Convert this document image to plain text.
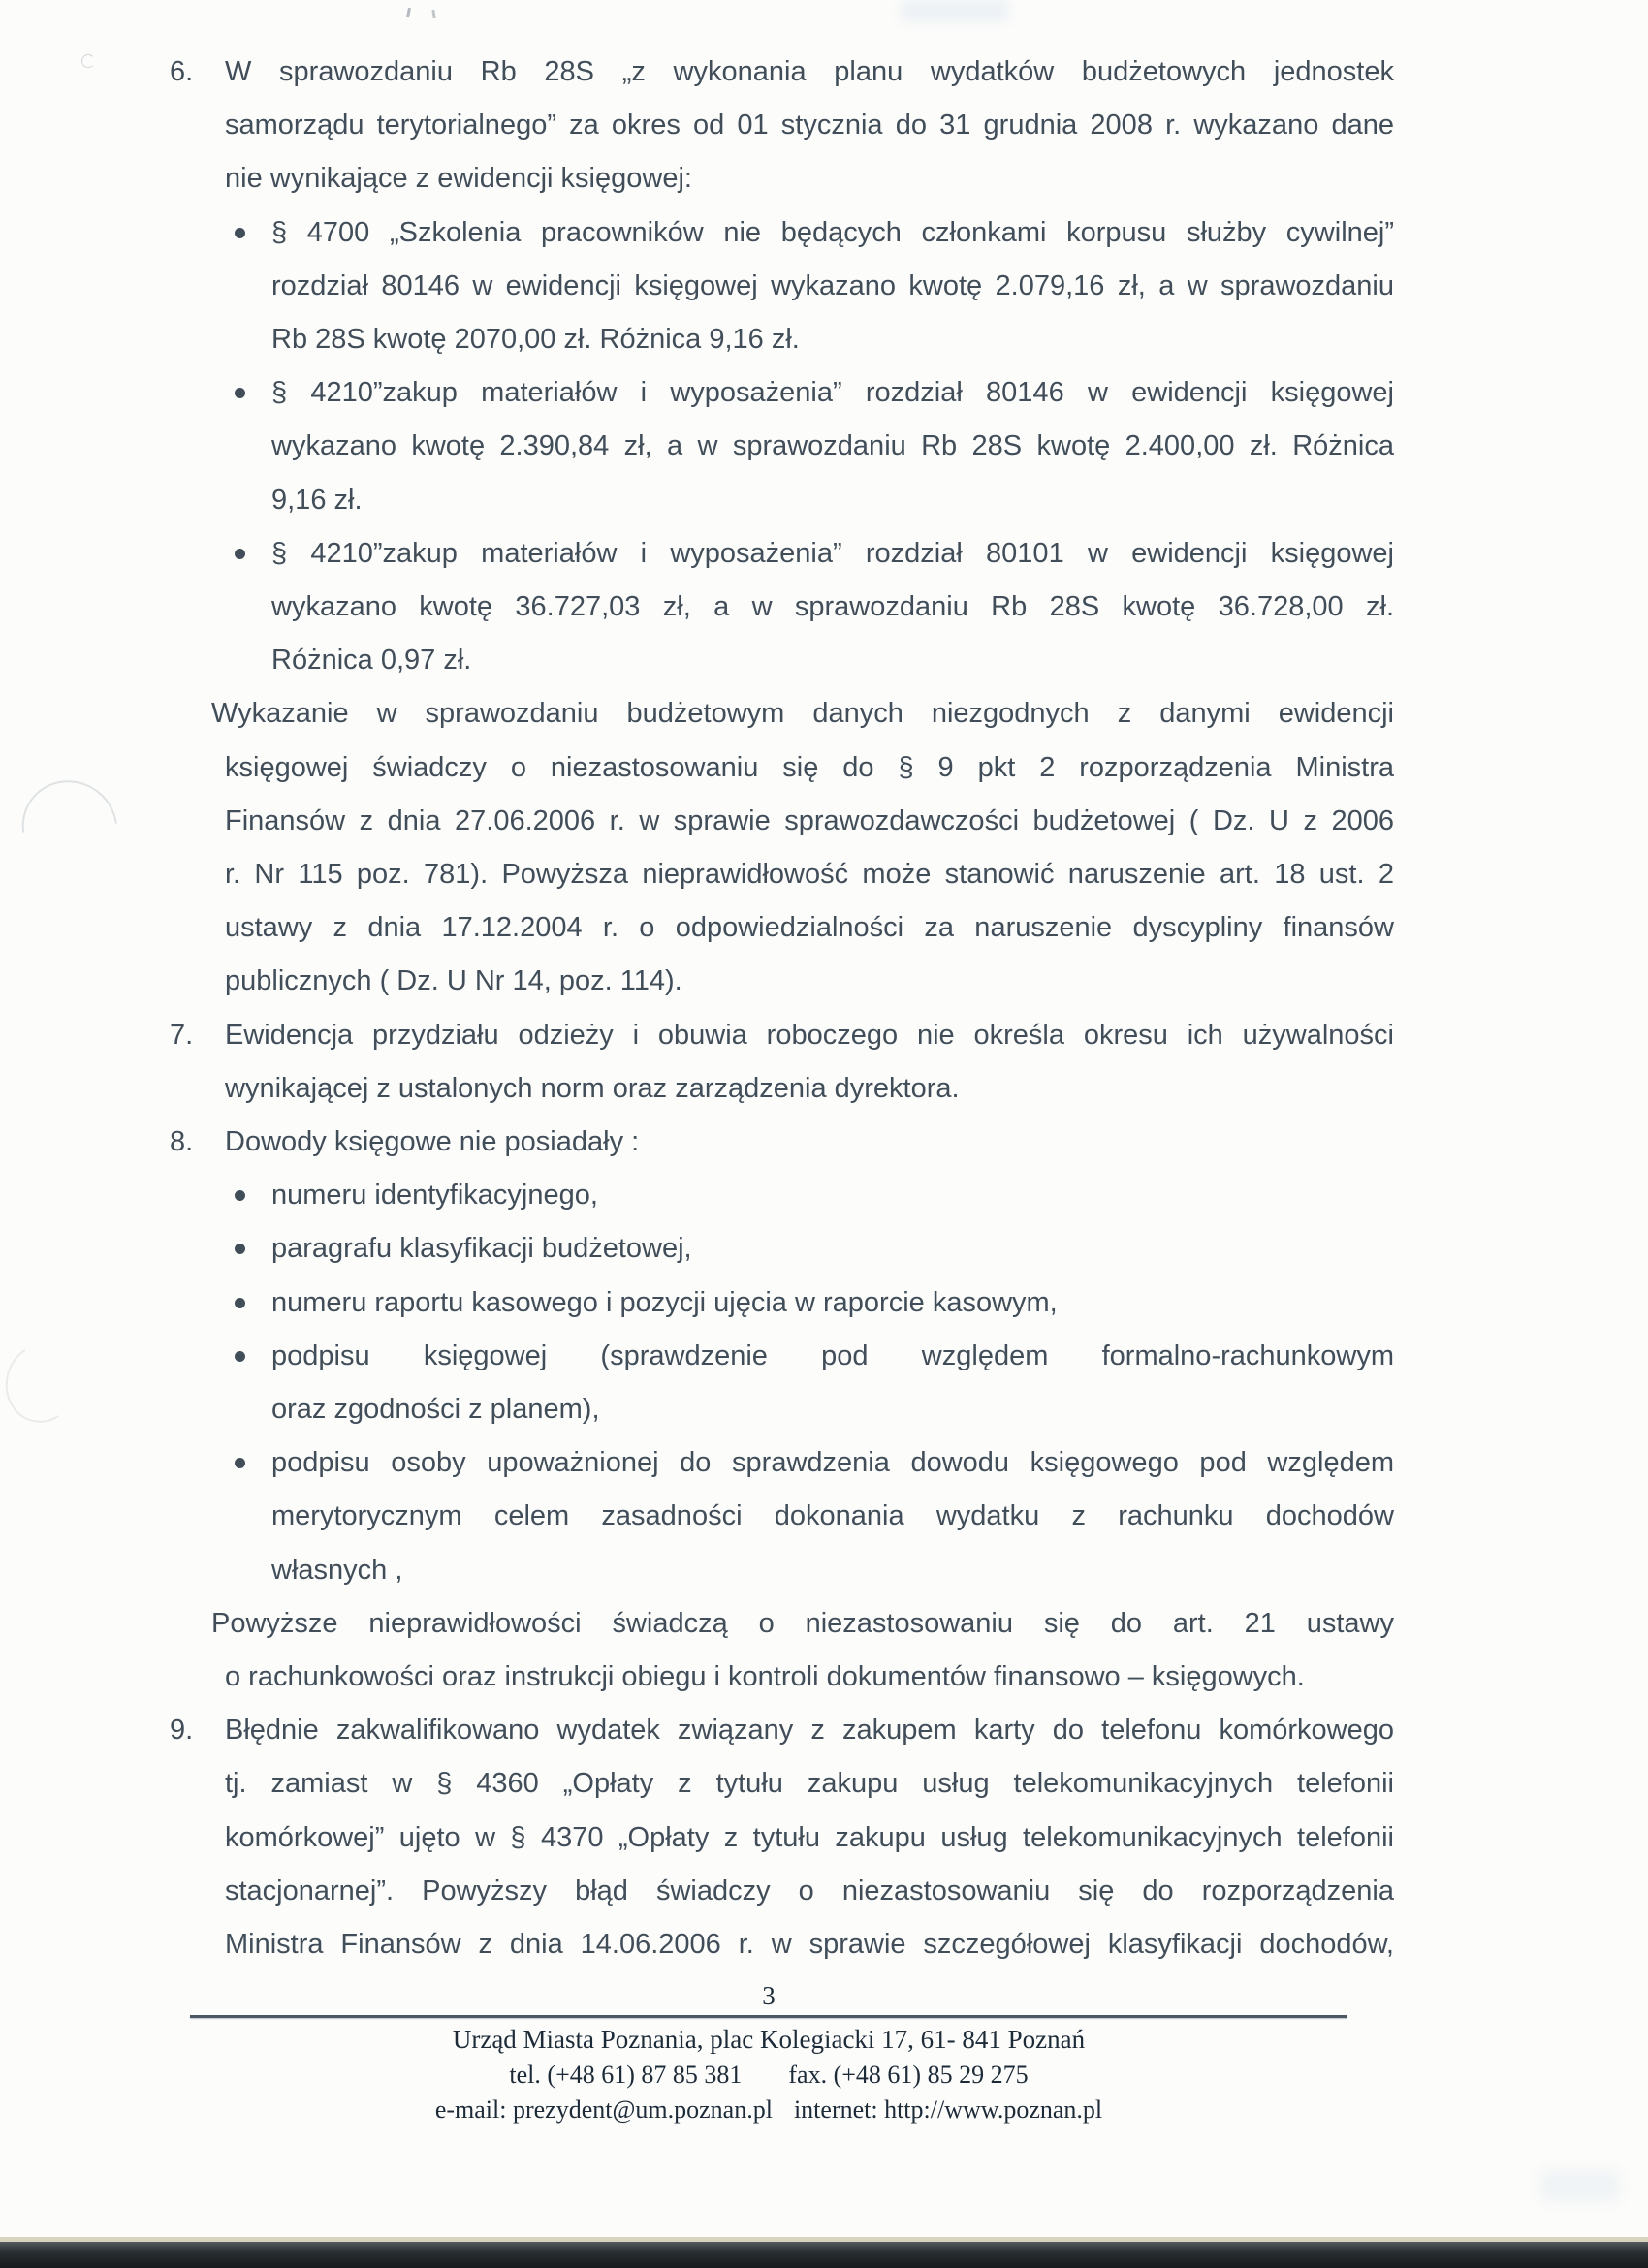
6. W sprawozdaniu Rb 28S „z wykonania planu wydatków budżetowych jednostek
samorządu terytorialnego” za okres od 01 stycznia do 31 grudnia 2008 r. wykazano dane
nie wynikające z ewidencji księgowej:
§ 4700 „Szkolenia pracowników nie będących członkami korpusu służby cywilnej”
rozdział 80146 w ewidencji księgowej wykazano kwotę 2.079,16 zł, a w sprawozdaniu
Rb 28S kwotę 2070,00 zł. Różnica 9,16 zł.
§ 4210”zakup materiałów i wyposażenia” rozdział 80146 w ewidencji księgowej
wykazano kwotę 2.390,84 zł, a w sprawozdaniu Rb 28S kwotę 2.400,00 zł. Różnica
9,16 zł.
§ 4210”zakup materiałów i wyposażenia” rozdział 80101 w ewidencji księgowej
wykazano kwotę 36.727,03 zł, a w sprawozdaniu Rb 28S kwotę 36.728,00 zł.
Różnica 0,97 zł.
Wykazanie w sprawozdaniu budżetowym danych niezgodnych z danymi ewidencji
księgowej świadczy o niezastosowaniu się do § 9 pkt 2 rozporządzenia Ministra
Finansów z dnia 27.06.2006 r. w sprawie sprawozdawczości budżetowej ( Dz. U z 2006
r. Nr 115 poz. 781). Powyższa nieprawidłowość może stanowić naruszenie art. 18 ust. 2
ustawy z dnia 17.12.2004 r. o odpowiedzialności za naruszenie dyscypliny finansów
publicznych ( Dz. U Nr 14, poz. 114).
7. Ewidencja przydziału odzieży i obuwia roboczego nie określa okresu ich używalności
wynikającej z ustalonych norm oraz zarządzenia dyrektora.
8. Dowody księgowe nie posiadały :
numeru identyfikacyjnego,
paragrafu klasyfikacji budżetowej,
numeru raportu kasowego i pozycji ujęcia w raporcie kasowym,
podpisu księgowej (sprawdzenie pod względem formalno-rachunkowym
oraz zgodności z planem),
podpisu osoby upoważnionej do sprawdzenia dowodu księgowego pod względem
merytorycznym celem zasadności dokonania wydatku z rachunku dochodów
własnych ,
Powyższe nieprawidłowości świadczą o niezastosowaniu się do art. 21 ustawy
o rachunkowości oraz instrukcji obiegu i kontroli dokumentów finansowo – księgowych.
9. Błędnie zakwalifikowano wydatek związany z zakupem karty do telefonu komórkowego
tj. zamiast w § 4360 „Opłaty z tytułu zakupu usług telekomunikacyjnych telefonii
komórkowej” ujęto w § 4370 „Opłaty z tytułu zakupu usług telekomunikacyjnych telefonii
stacjonarnej”. Powyższy błąd świadczy o niezastosowaniu się do rozporządzenia
Ministra Finansów z dnia 14.06.2006 r. w sprawie szczegółowej klasyfikacji dochodów,
3
Urząd Miasta Poznania, plac Kolegiacki 17, 61- 841 Poznań
tel. (+48 61) 87 85 381 fax. (+48 61) 85 29 275
e-mail: prezydent@um.poznan.pl internet: http://www.poznan.pl
